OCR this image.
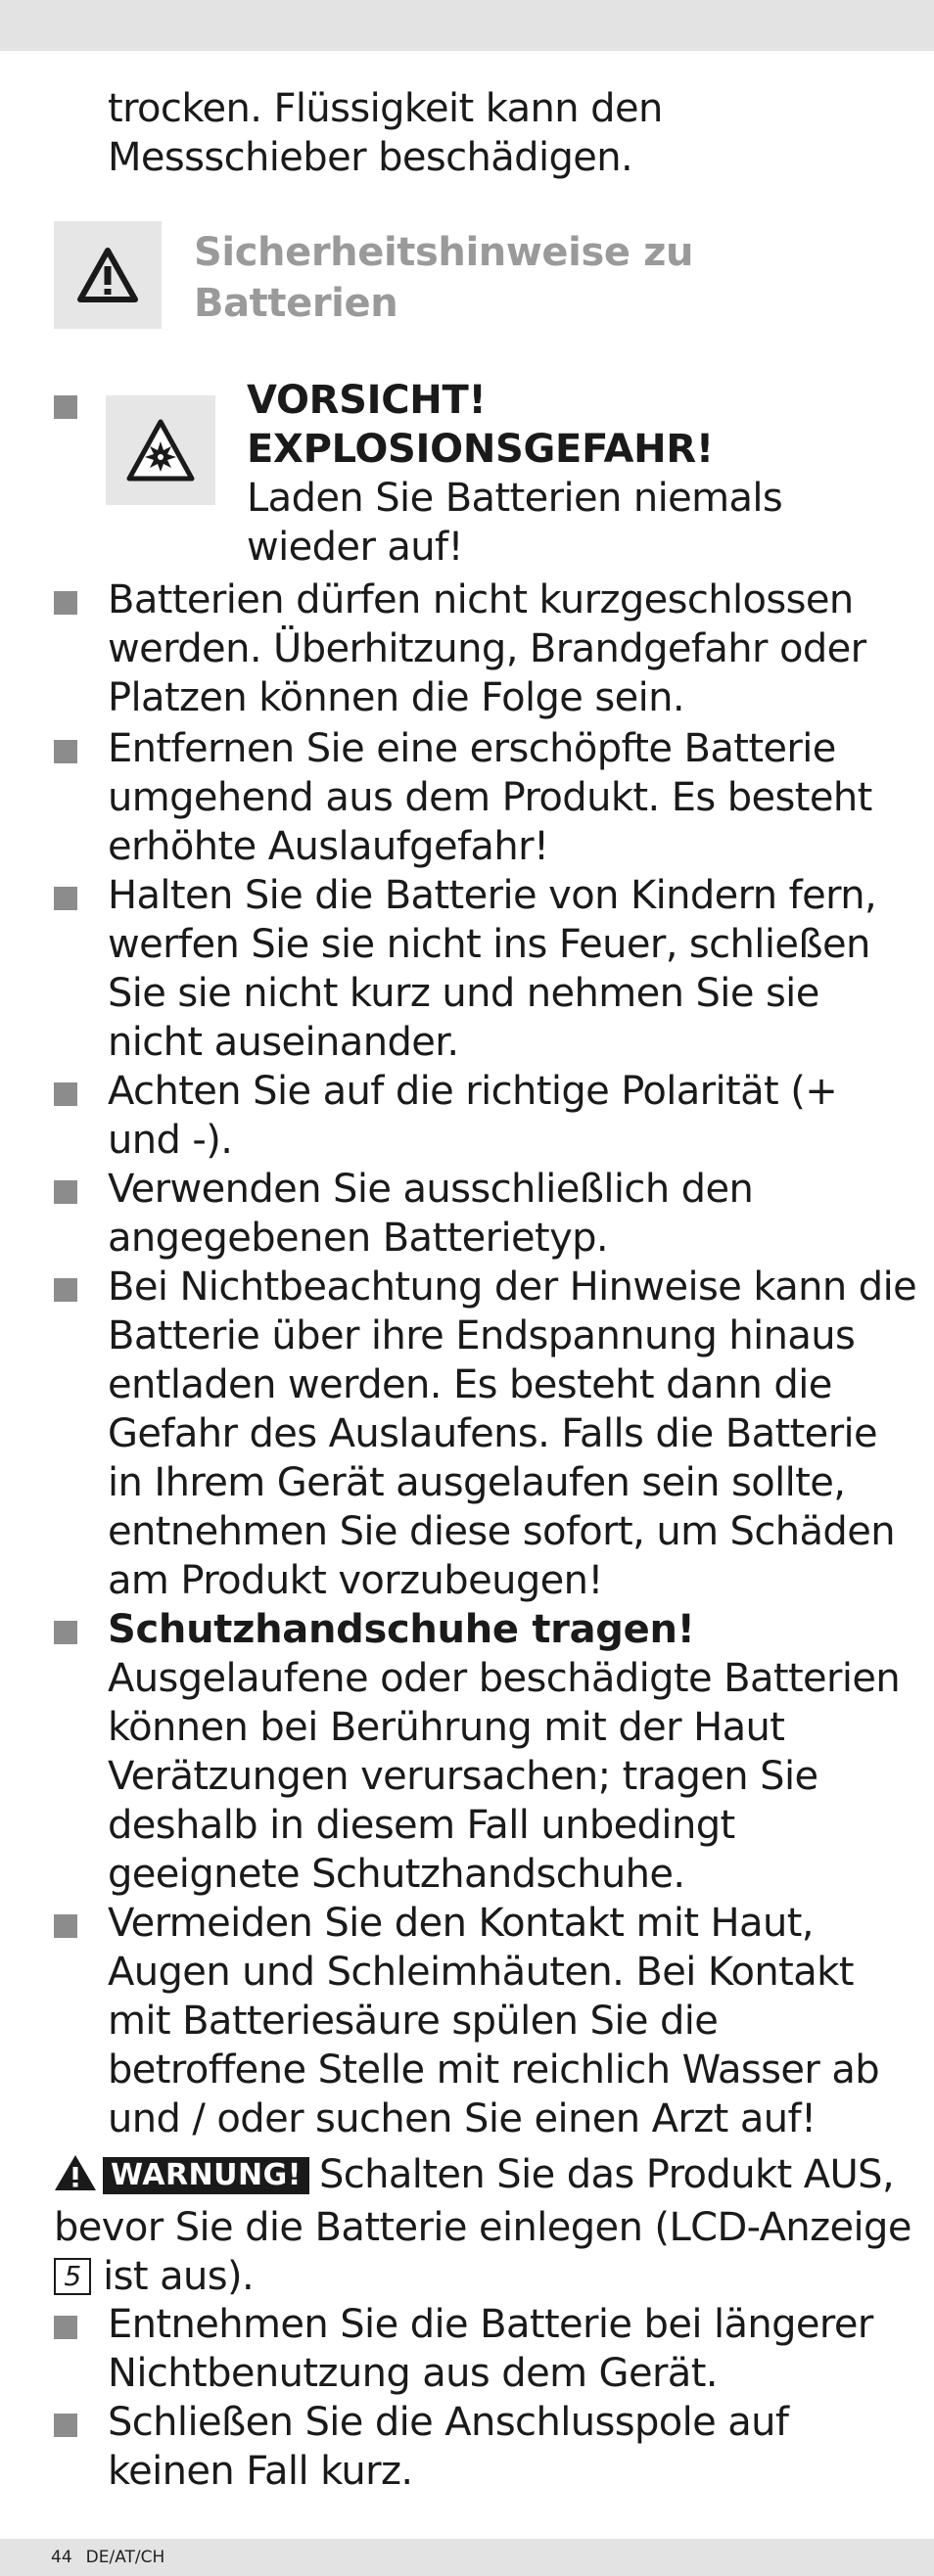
trocken. Flüssigkeit kann den Messschieber beschädigen.
Sicherheitshinweise zu Batterien
VORSICHT!
EXPLOSIONSGEFAHR!
Laden Sie Batterien niemals wieder auf!
Batterien dürfen nicht kurzgeschlossen werden. Überhitzung, Brandgefahr oder Platzen können die Folge sein.
Entfernen Sie eine erschöpfte Batterie umgehend aus dem Produkt. Es besteht erhöhte Auslaufgefahr!
Halten Sie die Batterie von Kindern fern, werfen Sie sie nicht ins Feuer, schließen Sie sie nicht kurz und nehmen Sie sie nicht auseinander.
Achten Sie auf die richtige Polarität (+ und -).
Verwenden Sie ausschließlich den angegebenen Batterietyp.
Bei Nichtbeachtung der Hinweise kann die Batterie über ihre Endspannung hinaus entladen werden. Es besteht dann die Gefahr des Auslaufens. Falls die Batterie in Ihrem Gerät ausgelaufen sein sollte, entnehmen Sie diese sofort, um Schäden am Produkt vorzubeugen!
Schutzhandschuhe tragen!
Ausgelaufene oder beschädigte Batterien können bei Berührung mit der Haut Verätzungen verursachen; tragen Sie deshalb in diesem Fall unbedingt geeignete Schutzhandschuhe.
Vermeiden Sie den Kontakt mit Haut, Augen und Schleimhäuten. Bei Kontakt mit Batteriesäure spülen Sie die betroffene Stelle mit reichlich Wasser ab und / oder suchen Sie einen Arzt auf!
WARNUNG! Schalten Sie das Produkt AUS, bevor Sie die Batterie einlegen (LCD-Anzeige 5 ist aus).
Entnehmen Sie die Batterie bei längerer Nichtbenutzung aus dem Gerät.
Schließen Sie die Anschlusspole auf keinen Fall kurz.
44 DE/AT/CH
